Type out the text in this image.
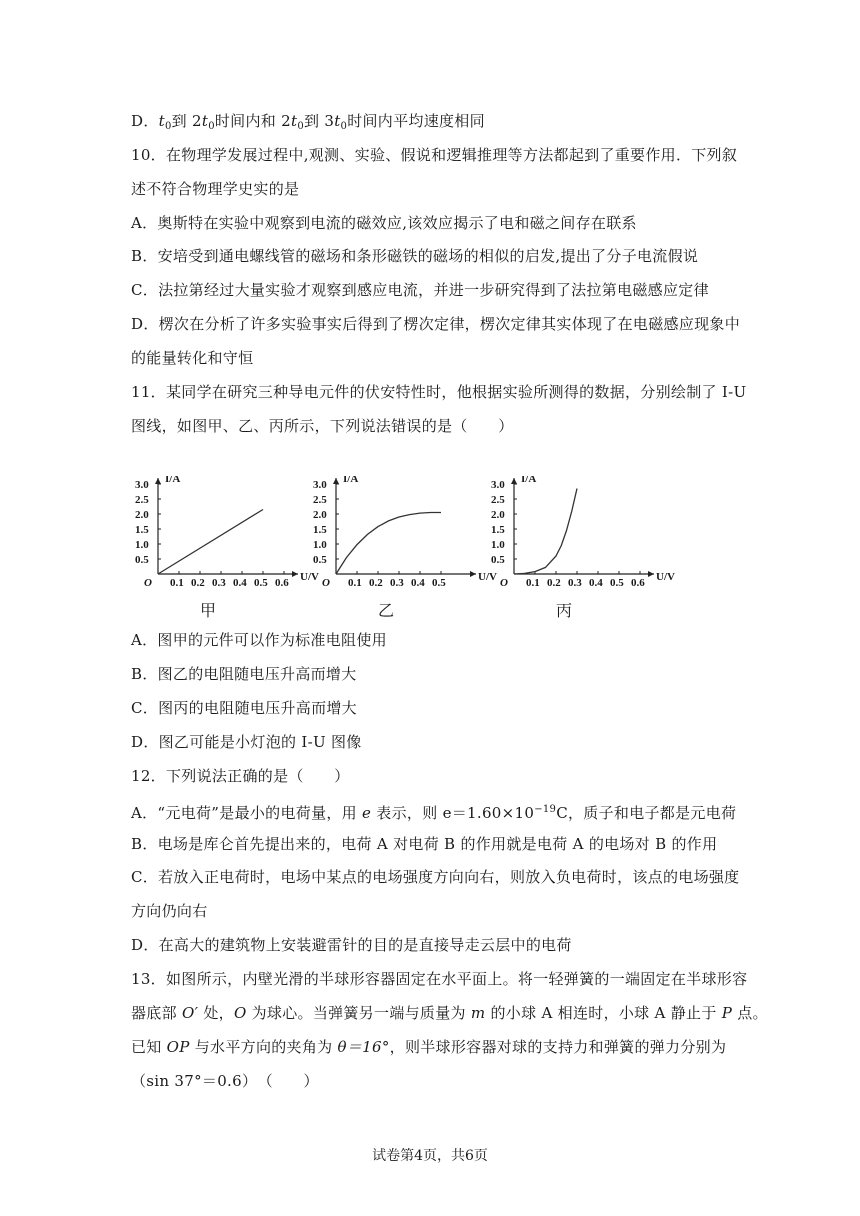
D．$t_0$到 $2t_0$时间内和 $2t_0$到 $3t_0$时间内平均速度相同
10．在物理学发展过程中,观测、实验、假说和逻辑推理等方法都起到了重要作用．下列叙
述不符合物理学史实的是
A．奥斯特在实验中观察到电流的磁效应,该效应揭示了电和磁之间存在联系
B．安培受到通电螺线管的磁场和条形磁铁的磁场的相似的启发,提出了分子电流假说
C．法拉第经过大量实验才观察到感应电流，并进一步研究得到了法拉第电磁感应定律
D．楞次在分析了许多实验事实后得到了楞次定律，楞次定律其实体现了在电磁感应现象中
的能量转化和守恒
11．某同学在研究三种导电元件的伏安特性时，他根据实验所测得的数据，分别绘制了 I-U
图线，如图甲、乙、丙所示，下列说法错误的是（　　）
I/A
U/V
O
0.5
1.0
1.5
2.0
2.5
3.0
0.1 0.2 0.3 0.4 0.5 0.6
甲
I/A
U/V
O
0.5
1.0
1.5
2.0
2.5
3.0
0.1 0.2 0.3 0.4 0.5
乙
I/A
U/V
O
0.5
1.0
1.5
2.0
2.5
3.0
0.1 0.2 0.3 0.4 0.5 0.6
丙
A．图甲的元件可以作为标准电阻使用
B．图乙的电阻随电压升高而增大
C．图丙的电阻随电压升高而增大
D．图乙可能是小灯泡的 I-U 图像
12．下列说法正确的是（　　）
A．“元电荷”是最小的电荷量，用 e 表示，则 $e=1.60\times 10^{-19}C$，质子和电子都是元电荷
B．电场是库仑首先提出来的，电荷 A 对电荷 B 的作用就是电荷 A 的电场对 B 的作用
C．若放入正电荷时，电场中某点的电场强度方向向右，则放入负电荷时，该点的电场强度
方向仍向右
D．在高大的建筑物上安装避雷针的目的是直接导走云层中的电荷
13．如图所示，内壁光滑的半球形容器固定在水平面上。将一轻弹簧的一端固定在半球形容
器底部 O′ 处，O 为球心。当弹簧另一端与质量为 m 的小球 A 相连时，小球 A 静止于 P 点。
已知 OP 与水平方向的夹角为 θ＝16°，则半球形容器对球的支持力和弹簧的弹力分别为
（sin 37°＝0.6）　（　　）
试卷第4页，共6页
